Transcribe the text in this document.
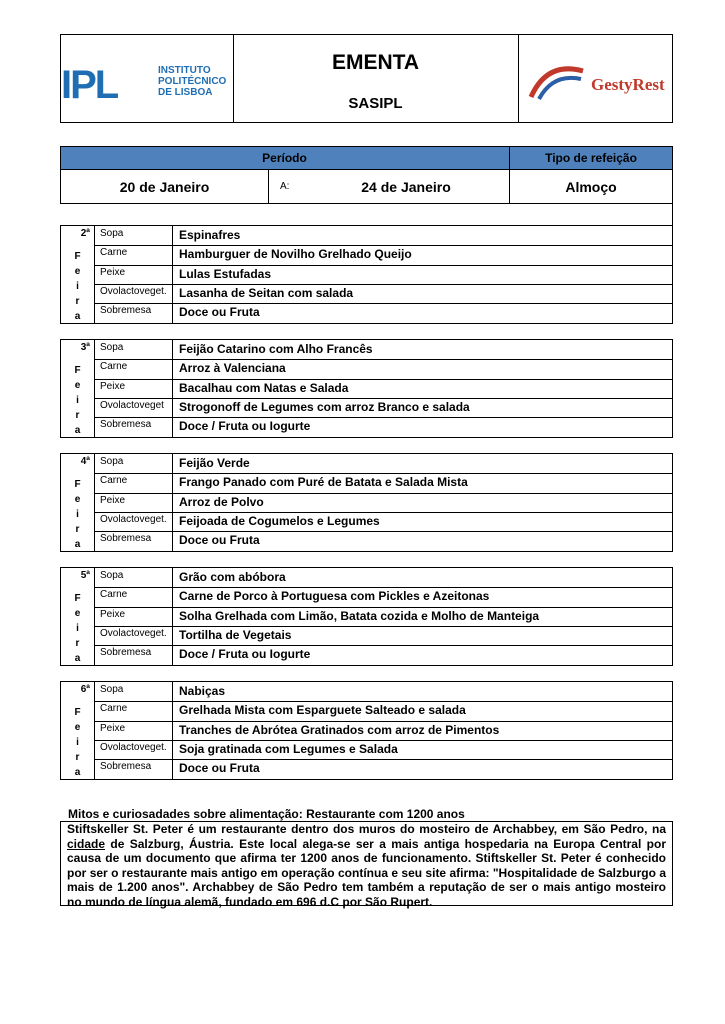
IPL	INSTITUTO
POLITÉCNICO
DE LISBOA
EMENTA
SASIPL
GestyRest
Período	Tipo de refeição
20 de Janeiro	A:	24 de Janeiro	Almoço
2ª
F
e
i
r
a
Sopa	Espinafres
Carne	Hamburguer de Novilho Grelhado Queijo
Peixe	Lulas Estufadas
Ovolactoveget.	Lasanha de Seitan com salada
Sobremesa	Doce ou Fruta
3ª
F
e
i
r
a
Sopa	Feijão Catarino com Alho Francês
Carne	Arroz à Valenciana
Peixe	Bacalhau com Natas e Salada
Ovolactoveget	Strogonoff de Legumes com arroz Branco e salada
Sobremesa	Doce / Fruta ou Iogurte
4ª
F
e
i
r
a
Sopa	Feijão Verde
Carne	Frango Panado com Puré de Batata e Salada Mista
Peixe	Arroz de Polvo
Ovolactoveget.	Feijoada de Cogumelos e Legumes
Sobremesa	Doce ou Fruta
5ª
F
e
i
r
a
Sopa	Grão com abóbora
Carne	Carne de Porco à Portuguesa com Pickles e Azeitonas
Peixe	Solha Grelhada com Limão, Batata cozida e Molho de Manteiga
Ovolactoveget.	Tortilha de Vegetais
Sobremesa	Doce / Fruta ou Iogurte
6ª
F
e
i
r
a
Sopa	Nabiças
Carne	Grelhada Mista com Esparguete Salteado e salada
Peixe	Tranches de Abrótea Gratinados com arroz de Pimentos
Ovolactoveget.	Soja gratinada com Legumes e Salada
Sobremesa	Doce ou Fruta
Mitos e curiosadades sobre alimentação: Restaurante com 1200 anos
Stiftskeller St. Peter é um restaurante dentro dos muros do mosteiro de Archabbey, em São Pedro, na cidade de Salzburg, Áustria. Este local alega-se ser a mais antiga hospedaria na Europa Central por causa de um documento que afirma ter 1200 anos de funcionamento. Stiftskeller St. Peter é conhecido por ser o restaurante mais antigo em operação contínua e seu site afirma: "Hospitalidade de Salzburgo a mais de 1.200 anos". Archabbey de São Pedro tem também a reputação de ser o mais antigo mosteiro no mundo de língua alemã, fundado em 696 d.C por São Rupert.
